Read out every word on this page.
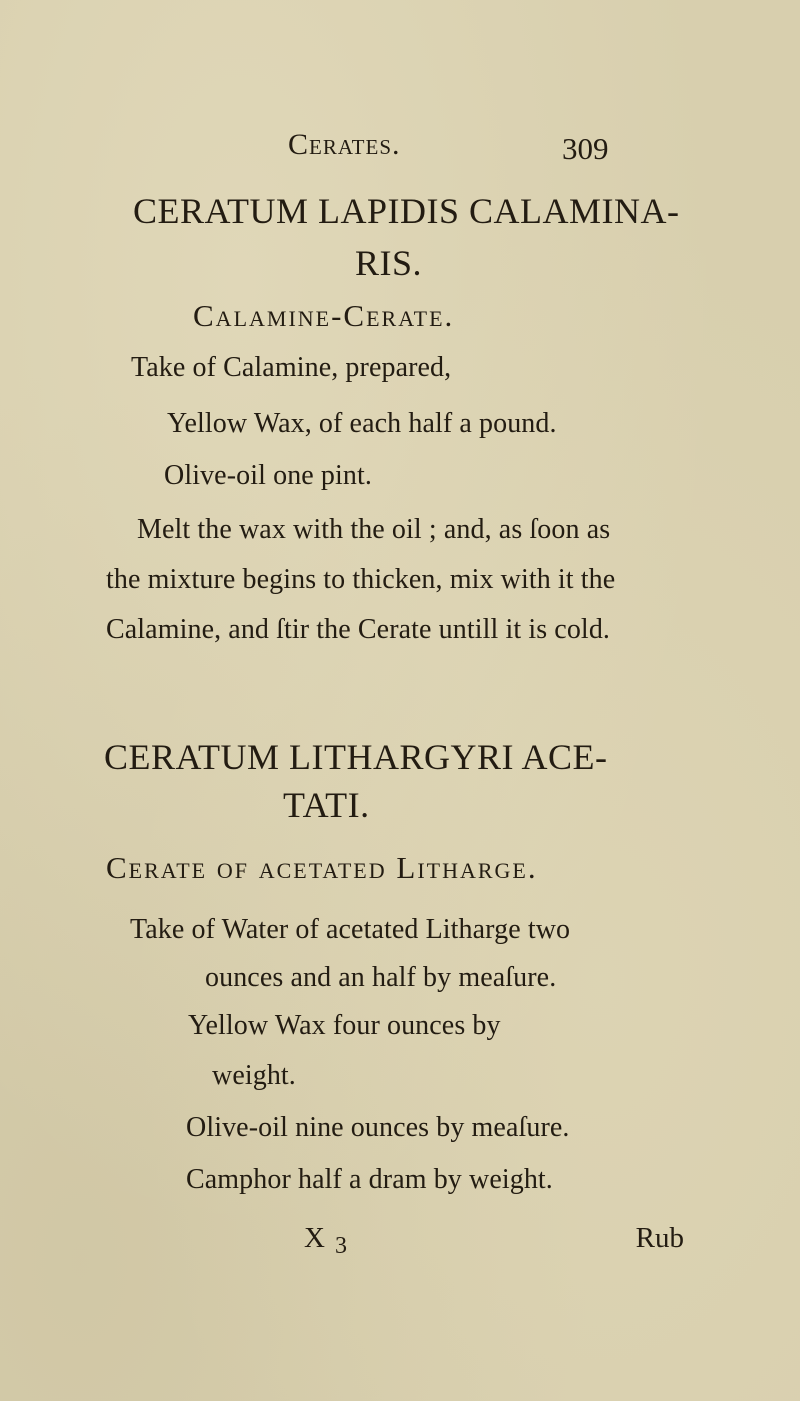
Cerates.	309
CERATUM LAPIDIS CALAMINA-
RIS.
Calamine-Cerate.
Take of Calamine, prepared,
Yellow Wax, of each half a pound.
Olive-oil one pint.
Melt the wax with the oil ; and, as ſoon as
the mixture begins to thicken, mix with it the
Calamine, and ſtir the Cerate untill it is cold.
CERATUM LITHARGYRI ACE-
TATI.
Cerate of acetated Litharge.
Take of Water of acetated Litharge two
ounces and an half by meaſure.
Yellow Wax four ounces by
weight.
Olive-oil nine ounces by meaſure.
Camphor half a dram by weight.
X $_3$	Rub
